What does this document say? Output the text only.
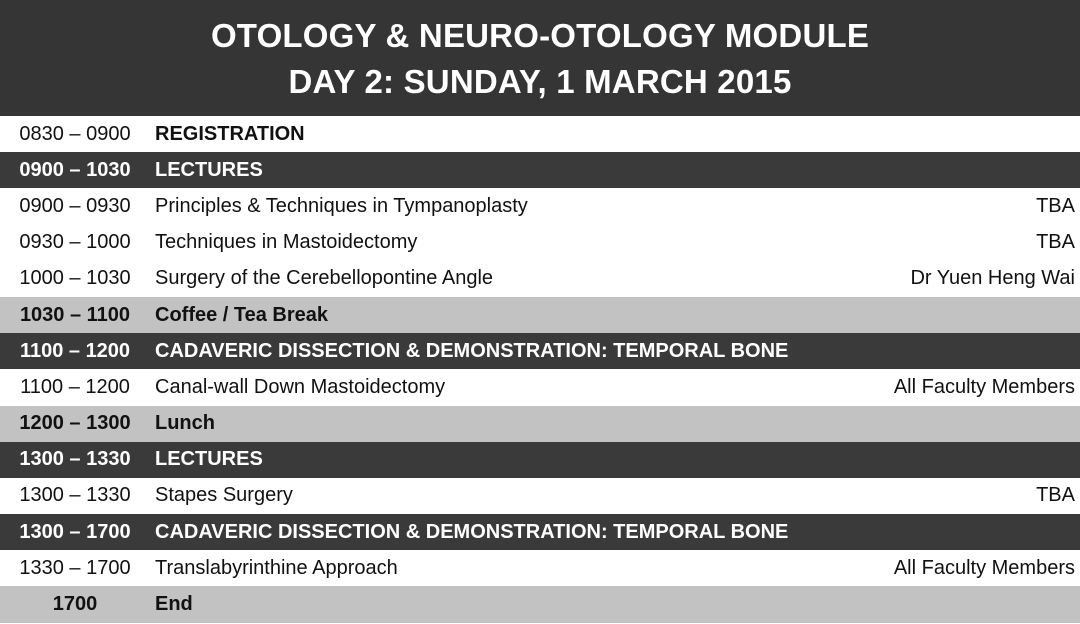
OTOLOGY & NEURO-OTOLOGY MODULE
DAY 2: SUNDAY, 1 MARCH 2015
0830 – 0900	REGISTRATION
0900 – 1030	LECTURES
0900 – 0930	Principles & Techniques in Tympanoplasty	TBA
0930 – 1000	Techniques in Mastoidectomy	TBA
1000 – 1030	Surgery of the Cerebellopontine Angle	Dr Yuen Heng Wai
1030 – 1100	Coffee / Tea Break
1100 – 1200	CADAVERIC DISSECTION & DEMONSTRATION: TEMPORAL BONE
1100 – 1200	Canal-wall Down Mastoidectomy	All Faculty Members
1200 – 1300	Lunch
1300 – 1330	LECTURES
1300 – 1330	Stapes Surgery	TBA
1300 – 1700	CADAVERIC DISSECTION & DEMONSTRATION: TEMPORAL BONE
1330 – 1700	Translabyrinthine Approach	All Faculty Members
1700	End
